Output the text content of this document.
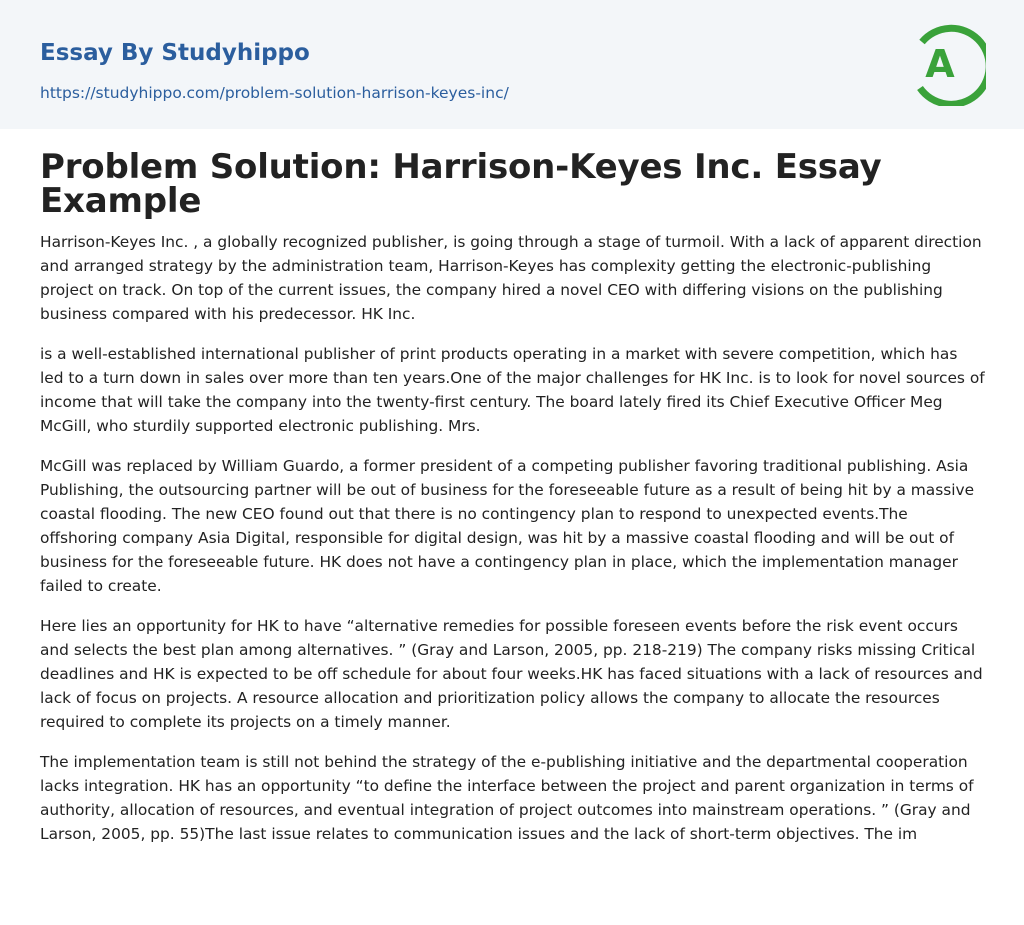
Essay By Studyhippo
https://studyhippo.com/problem-solution-harrison-keyes-inc/
A
Problem Solution: Harrison-Keyes Inc. Essay Example

Harrison-Keyes Inc. , a globally recognized publisher, is going through a stage of turmoil. With a lack of apparent direction and arranged strategy by the administration team, Harrison-Keyes has complexity getting the electronic-publishing project on track. On top of the current issues, the company hired a novel CEO with differing visions on the publishing business compared with his predecessor. HK Inc.

is a well-established international publisher of print products operating in a market with severe competition, which has led to a turn down in sales over more than ten years.One of the major challenges for HK Inc. is to look for novel sources of income that will take the company into the twenty-first century. The board lately fired its Chief Executive Officer Meg McGill, who sturdily supported electronic publishing. Mrs.

McGill was replaced by William Guardo, a former president of a competing publisher favoring traditional publishing. Asia Publishing, the outsourcing partner will be out of business for the foreseeable future as a result of being hit by a massive coastal flooding. The new CEO found out that there is no contingency plan to respond to unexpected events.The offshoring company Asia Digital, responsible for digital design, was hit by a massive coastal flooding and will be out of business for the foreseeable future. HK does not have a contingency plan in place, which the implementation manager failed to create.

Here lies an opportunity for HK to have “alternative remedies for possible foreseen events before the risk event occurs and selects the best plan among alternatives. ” (Gray and Larson, 2005, pp. 218-219) The company risks missing Critical deadlines and HK is expected to be off schedule for about four weeks.HK has faced situations with a lack of resources and lack of focus on projects. A resource allocation and prioritization policy allows the company to allocate the resources required to complete its projects on a timely manner.

The implementation team is still not behind the strategy of the e-publishing initiative and the departmental cooperation lacks integration. HK has an opportunity “to define the interface between the project and parent organization in terms of authority, allocation of resources, and eventual integration of project outcomes into mainstream operations. ” (Gray and Larson, 2005, pp. 55)The last issue relates to communication issues and the lack of short-term objectives. The im
